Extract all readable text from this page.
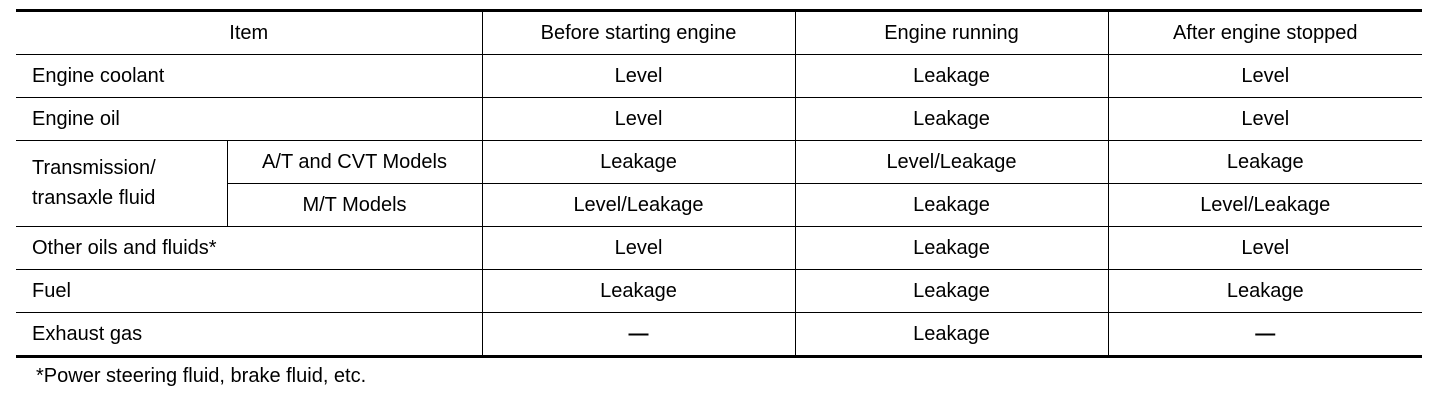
Item		Before starting engine	Engine running	After engine stopped
Engine coolant		Level	Leakage	Level
Engine oil		Level	Leakage	Level
Transmission/
transaxle fluid	A/T and CVT Models	Leakage	Level/Leakage	Leakage
	M/T Models	Level/Leakage	Leakage	Level/Leakage
Other oils and fluids*		Level	Leakage	Level
Fuel		Leakage	Leakage	Leakage
Exhaust gas		—	Leakage	—
*Power steering fluid, brake fluid, etc.
